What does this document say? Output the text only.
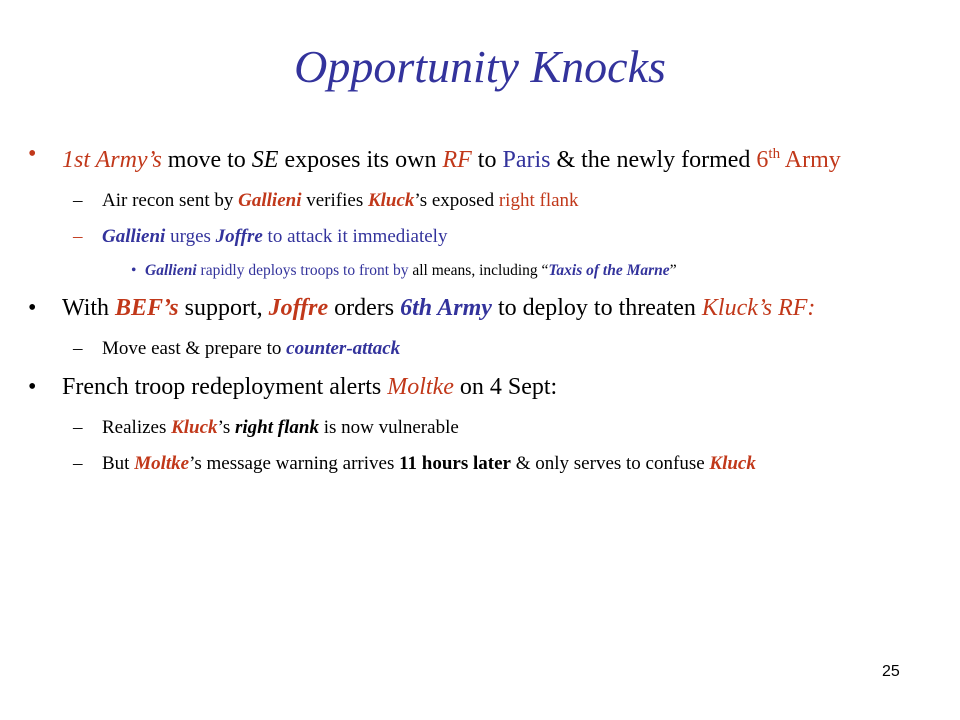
Opportunity Knocks
• 1st Army’s move to SE exposes its own RF to Paris & the newly formed 6th Army
– Air recon sent by Gallieni verifies Kluck’s exposed right flank
– Gallieni urges Joffre to attack it immediately
• Gallieni rapidly deploys troops to front by all means, including “Taxis of the Marne”
• With BEF’s support, Joffre orders 6th Army to deploy to threaten Kluck’s RF:
– Move east & prepare to counter-attack
• French troop redeployment alerts Moltke on 4 Sept:
– Realizes Kluck’s right flank is now vulnerable
– But Moltke’s message warning arrives 11 hours later & only serves to confuse Kluck
25
